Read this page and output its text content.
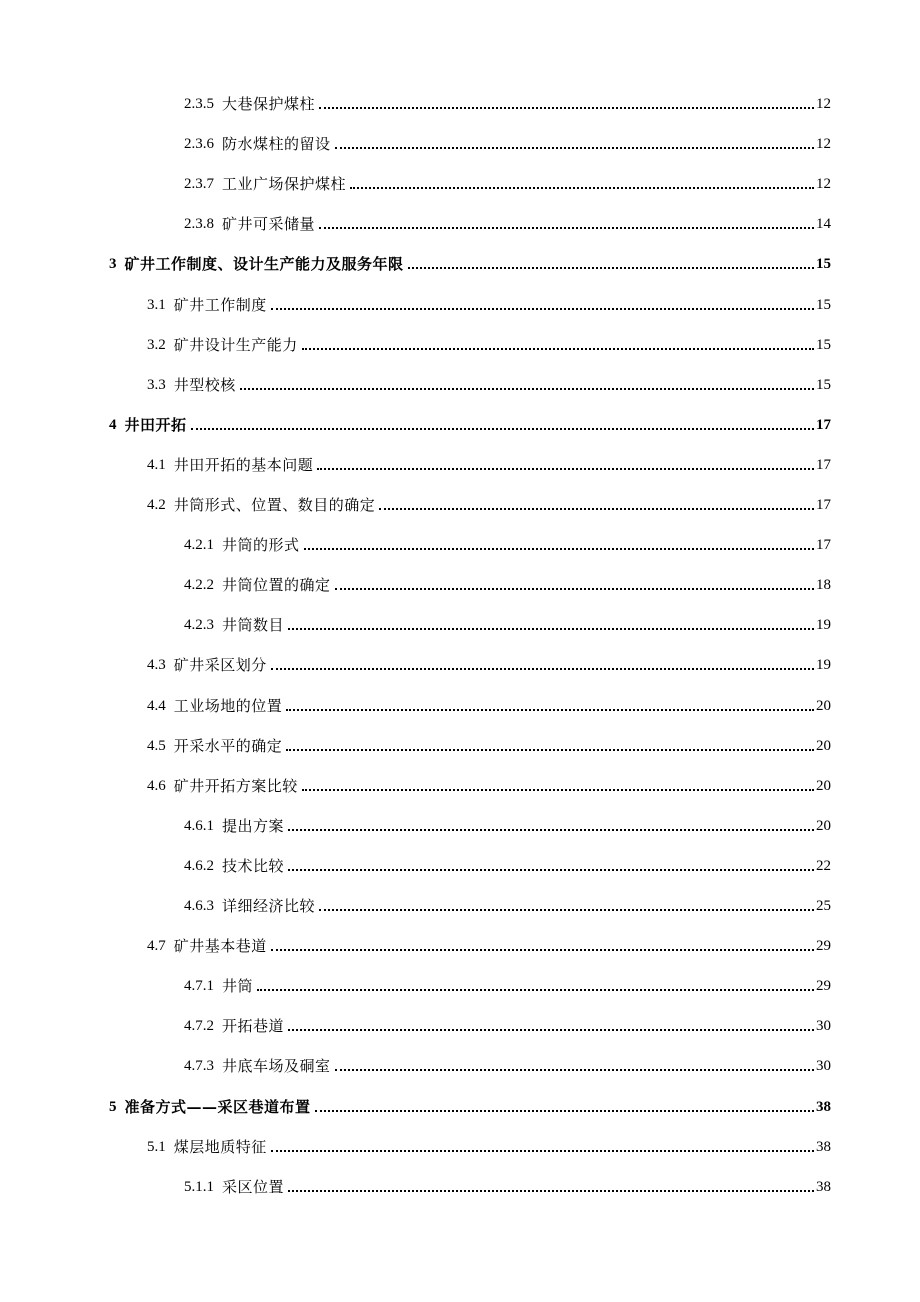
2.3.5 大巷保护煤柱	12
2.3.6 防水煤柱的留设	12
2.3.7 工业广场保护煤柱	12
2.3.8 矿井可采储量	14
3 矿井工作制度、设计生产能力及服务年限	15
3.1 矿井工作制度	15
3.2 矿井设计生产能力	15
3.3 井型校核	15
4 井田开拓	17
4.1 井田开拓的基本问题	17
4.2 井筒形式、位置、数目的确定	17
4.2.1 井筒的形式	17
4.2.2 井筒位置的确定	18
4.2.3 井筒数目	19
4.3 矿井采区划分	19
4.4 工业场地的位置	20
4.5 开采水平的确定	20
4.6 矿井开拓方案比较	20
4.6.1 提出方案	20
4.6.2 技术比较	22
4.6.3 详细经济比较	25
4.7 矿井基本巷道	29
4.7.1 井筒	29
4.7.2 开拓巷道	30
4.7.3 井底车场及硐室	30
5 准备方式——采区巷道布置	38
5.1 煤层地质特征	38
5.1.1 采区位置	38
